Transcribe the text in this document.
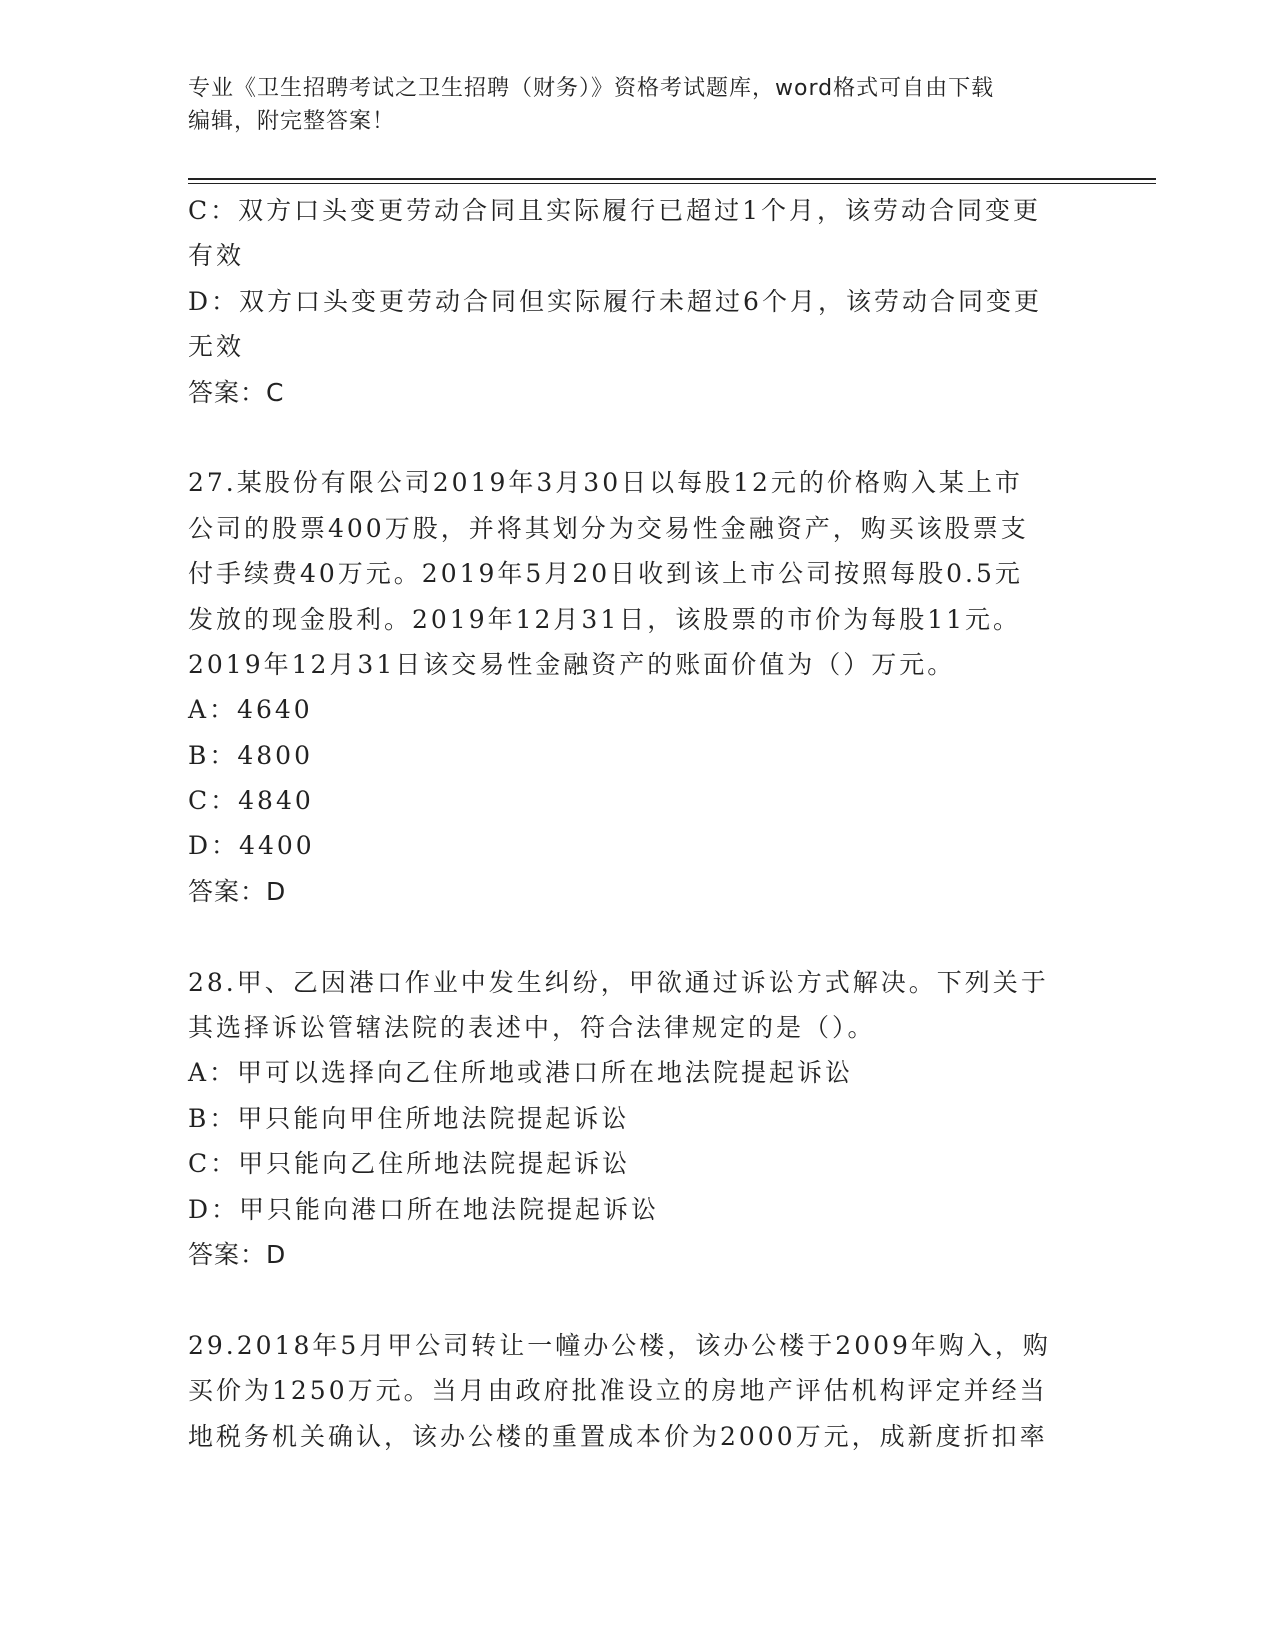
专业《卫生招聘考试之卫生招聘（财务）》资格考试题库，word格式可自由下载
编辑，附完整答案！
C：双方口头变更劳动合同且实际履行已超过1个月，该劳动合同变更
有效
D：双方口头变更劳动合同但实际履行未超过6个月，该劳动合同变更
无效
答案：C
27.某股份有限公司2019年3月30日以每股12元的价格购入某上市
公司的股票400万股，并将其划分为交易性金融资产，购买该股票支
付手续费40万元。2019年5月20日收到该上市公司按照每股0.5元
发放的现金股利。2019年12月31日，该股票的市价为每股11元。
2019年12月31日该交易性金融资产的账面价值为（）万元。
A：4640
B：4800
C：4840
D：4400
答案：D
28.甲、乙因港口作业中发生纠纷，甲欲通过诉讼方式解决。下列关于
其选择诉讼管辖法院的表述中，符合法律规定的是（）。
A：甲可以选择向乙住所地或港口所在地法院提起诉讼
B：甲只能向甲住所地法院提起诉讼
C：甲只能向乙住所地法院提起诉讼
D：甲只能向港口所在地法院提起诉讼
答案：D
29.2018年5月甲公司转让一幢办公楼，该办公楼于2009年购入，购
买价为1250万元。当月由政府批准设立的房地产评估机构评定并经当
地税务机关确认，该办公楼的重置成本价为2000万元，成新度折扣率
